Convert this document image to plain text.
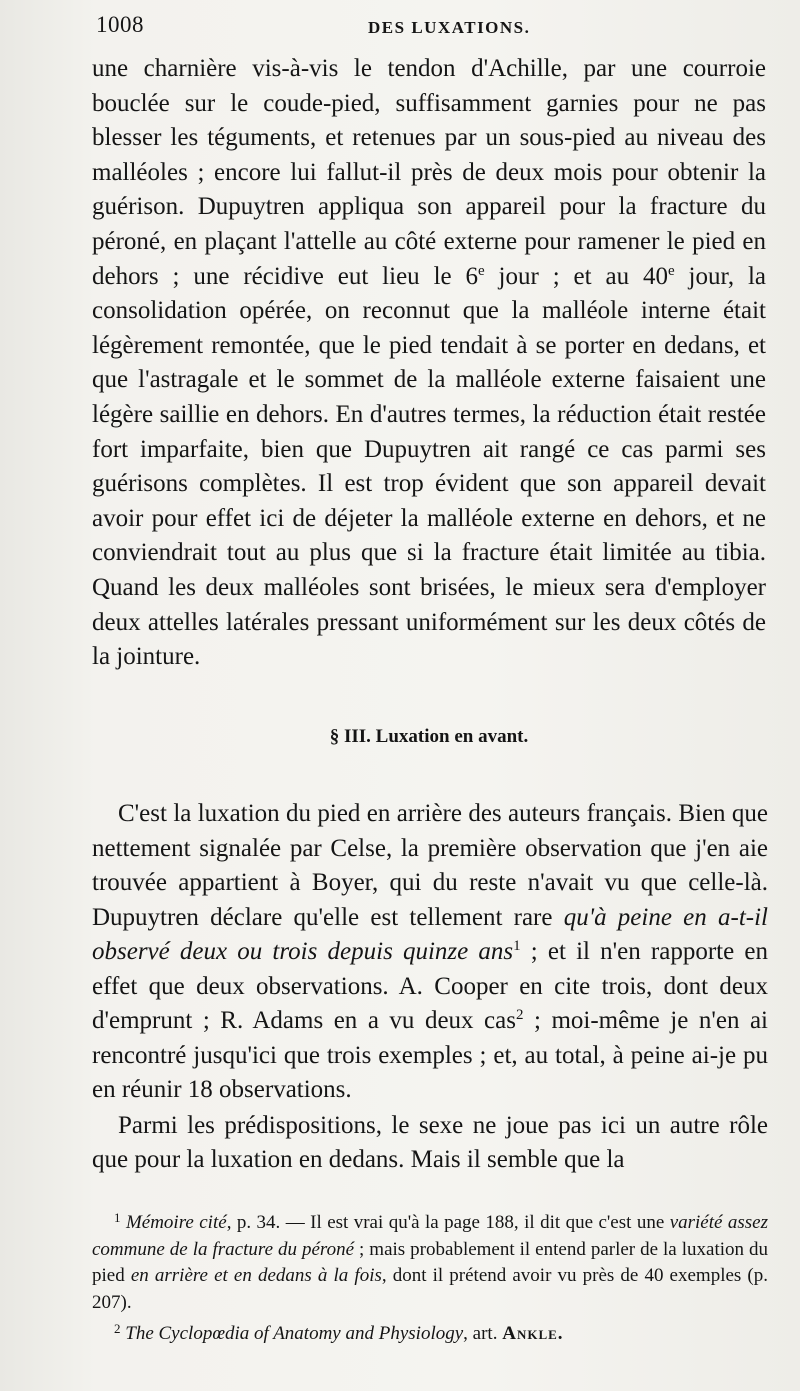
1008	DES LUXATIONS.

une charnière vis-à-vis le tendon d'Achille, par une courroie bouclée sur le coude-pied, suffisamment garnies pour ne pas blesser les téguments, et retenues par un sous-pied au niveau des malléoles ; encore lui fallut-il près de deux mois pour obtenir la guérison. Dupuytren appliqua son appareil pour la fracture du péroné, en plaçant l'attelle au côté externe pour ramener le pied en dehors ; une récidive eut lieu le 6e jour ; et au 40e jour, la consolidation opérée, on reconnut que la malléole interne était légèrement remontée, que le pied tendait à se porter en dedans, et que l'astragale et le sommet de la malléole externe faisaient une légère saillie en dehors. En d'autres termes, la réduction était restée fort imparfaite, bien que Dupuytren ait rangé ce cas parmi ses guérisons complètes. Il est trop évident que son appareil devait avoir pour effet ici de déjeter la malléole externe en dehors, et ne conviendrait tout au plus que si la fracture était limitée au tibia. Quand les deux malléoles sont brisées, le mieux sera d'employer deux attelles latérales pressant uniformément sur les deux côtés de la jointure.

§ III. Luxation en avant.

C'est la luxation du pied en arrière des auteurs français. Bien que nettement signalée par Celse, la première observation que j'en aie trouvée appartient à Boyer, qui du reste n'avait vu que celle-là. Dupuytren déclare qu'elle est tellement rare qu'à peine en a-t-il observé deux ou trois depuis quinze ans$^1$ ; et il n'en rapporte en effet que deux observations. A. Cooper en cite trois, dont deux d'emprunt ; R. Adams en a vu deux cas$^2$ ; moi-même je n'en ai rencontré jusqu'ici que trois exemples ; et, au total, à peine ai-je pu en réunir 18 observations.

Parmi les prédispositions, le sexe ne joue pas ici un autre rôle que pour la luxation en dedans. Mais il semble que la

$^1$ Mémoire cité, p. 34. — Il est vrai qu'à la page 188, il dit que c'est une variété assez commune de la fracture du péroné ; mais probablement il entend parler de la luxation du pied en arrière et en dedans à la fois, dont il prétend avoir vu près de 40 exemples (p. 207).

$^2$ The Cyclopœdia of Anatomy and Physiology, art. Ankle.
